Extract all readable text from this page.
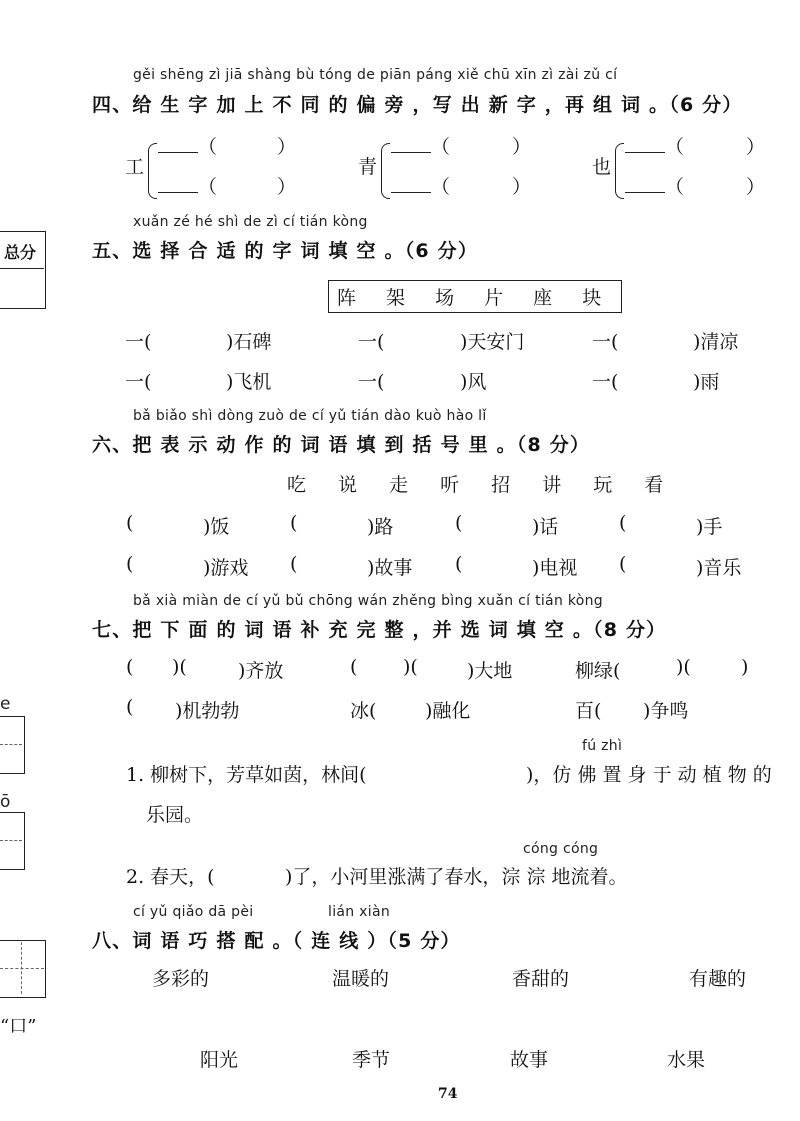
总分
e
ō
“口”
gěi shēng zì jiā shàng bù tóng de piān páng xiě chū xīn zì zài zǔ cí
四、给 生 字 加 上 不 同 的 偏 旁 ，写 出 新 字 ，再 组 词 。（6 分）
工
（	）
（	）
青
（	）
（	）
也
（	）
（	）
xuǎn zé hé shì de zì cí tián kòng
五、选 择 合 适 的 字 词 填 空 。（6 分）
阵 架 场 片 座 块
一(	)石碑	一(	)天安门	一(	)清凉
一(	)飞机	一(	)风	一(	)雨
bǎ biǎo shì dòng zuò de cí yǔ tián dào kuò hào lǐ
六、把 表 示 动 作 的 词 语 填 到 括 号 里 。（8 分）
吃 说 走 听 招 讲 玩 看
(	)饭	(	)路	(	)话	(	)手
(	)游戏 (	)故事 (	)电视 (	)音乐
bǎ xià miàn de cí yǔ bǔ chōng wán zhěng bìng xuǎn cí tián kòng
七、把 下 面 的 词 语 补 充 完 整 ，并 选 词 填 空 。（8 分）
( )(	)齐放	( )(	)大地	柳绿(	)(	)
( )机勃勃	冰(	)融化	百( )争鸣
fú zhì
1. 柳树下，芳草如茵，林间(	)，仿 佛 置 身 于 动 植 物 的
乐园。
cóng cóng
2. 春天，(	)了，小河里涨满了春水，淙 淙 地流着。
cí yǔ qiǎo dā pèi	lián xiàn
八、词 语 巧 搭 配 。（ 连 线 ）（5 分）
多彩的	温暖的	香甜的	有趣的
阳光	季节	故事	水果
74
